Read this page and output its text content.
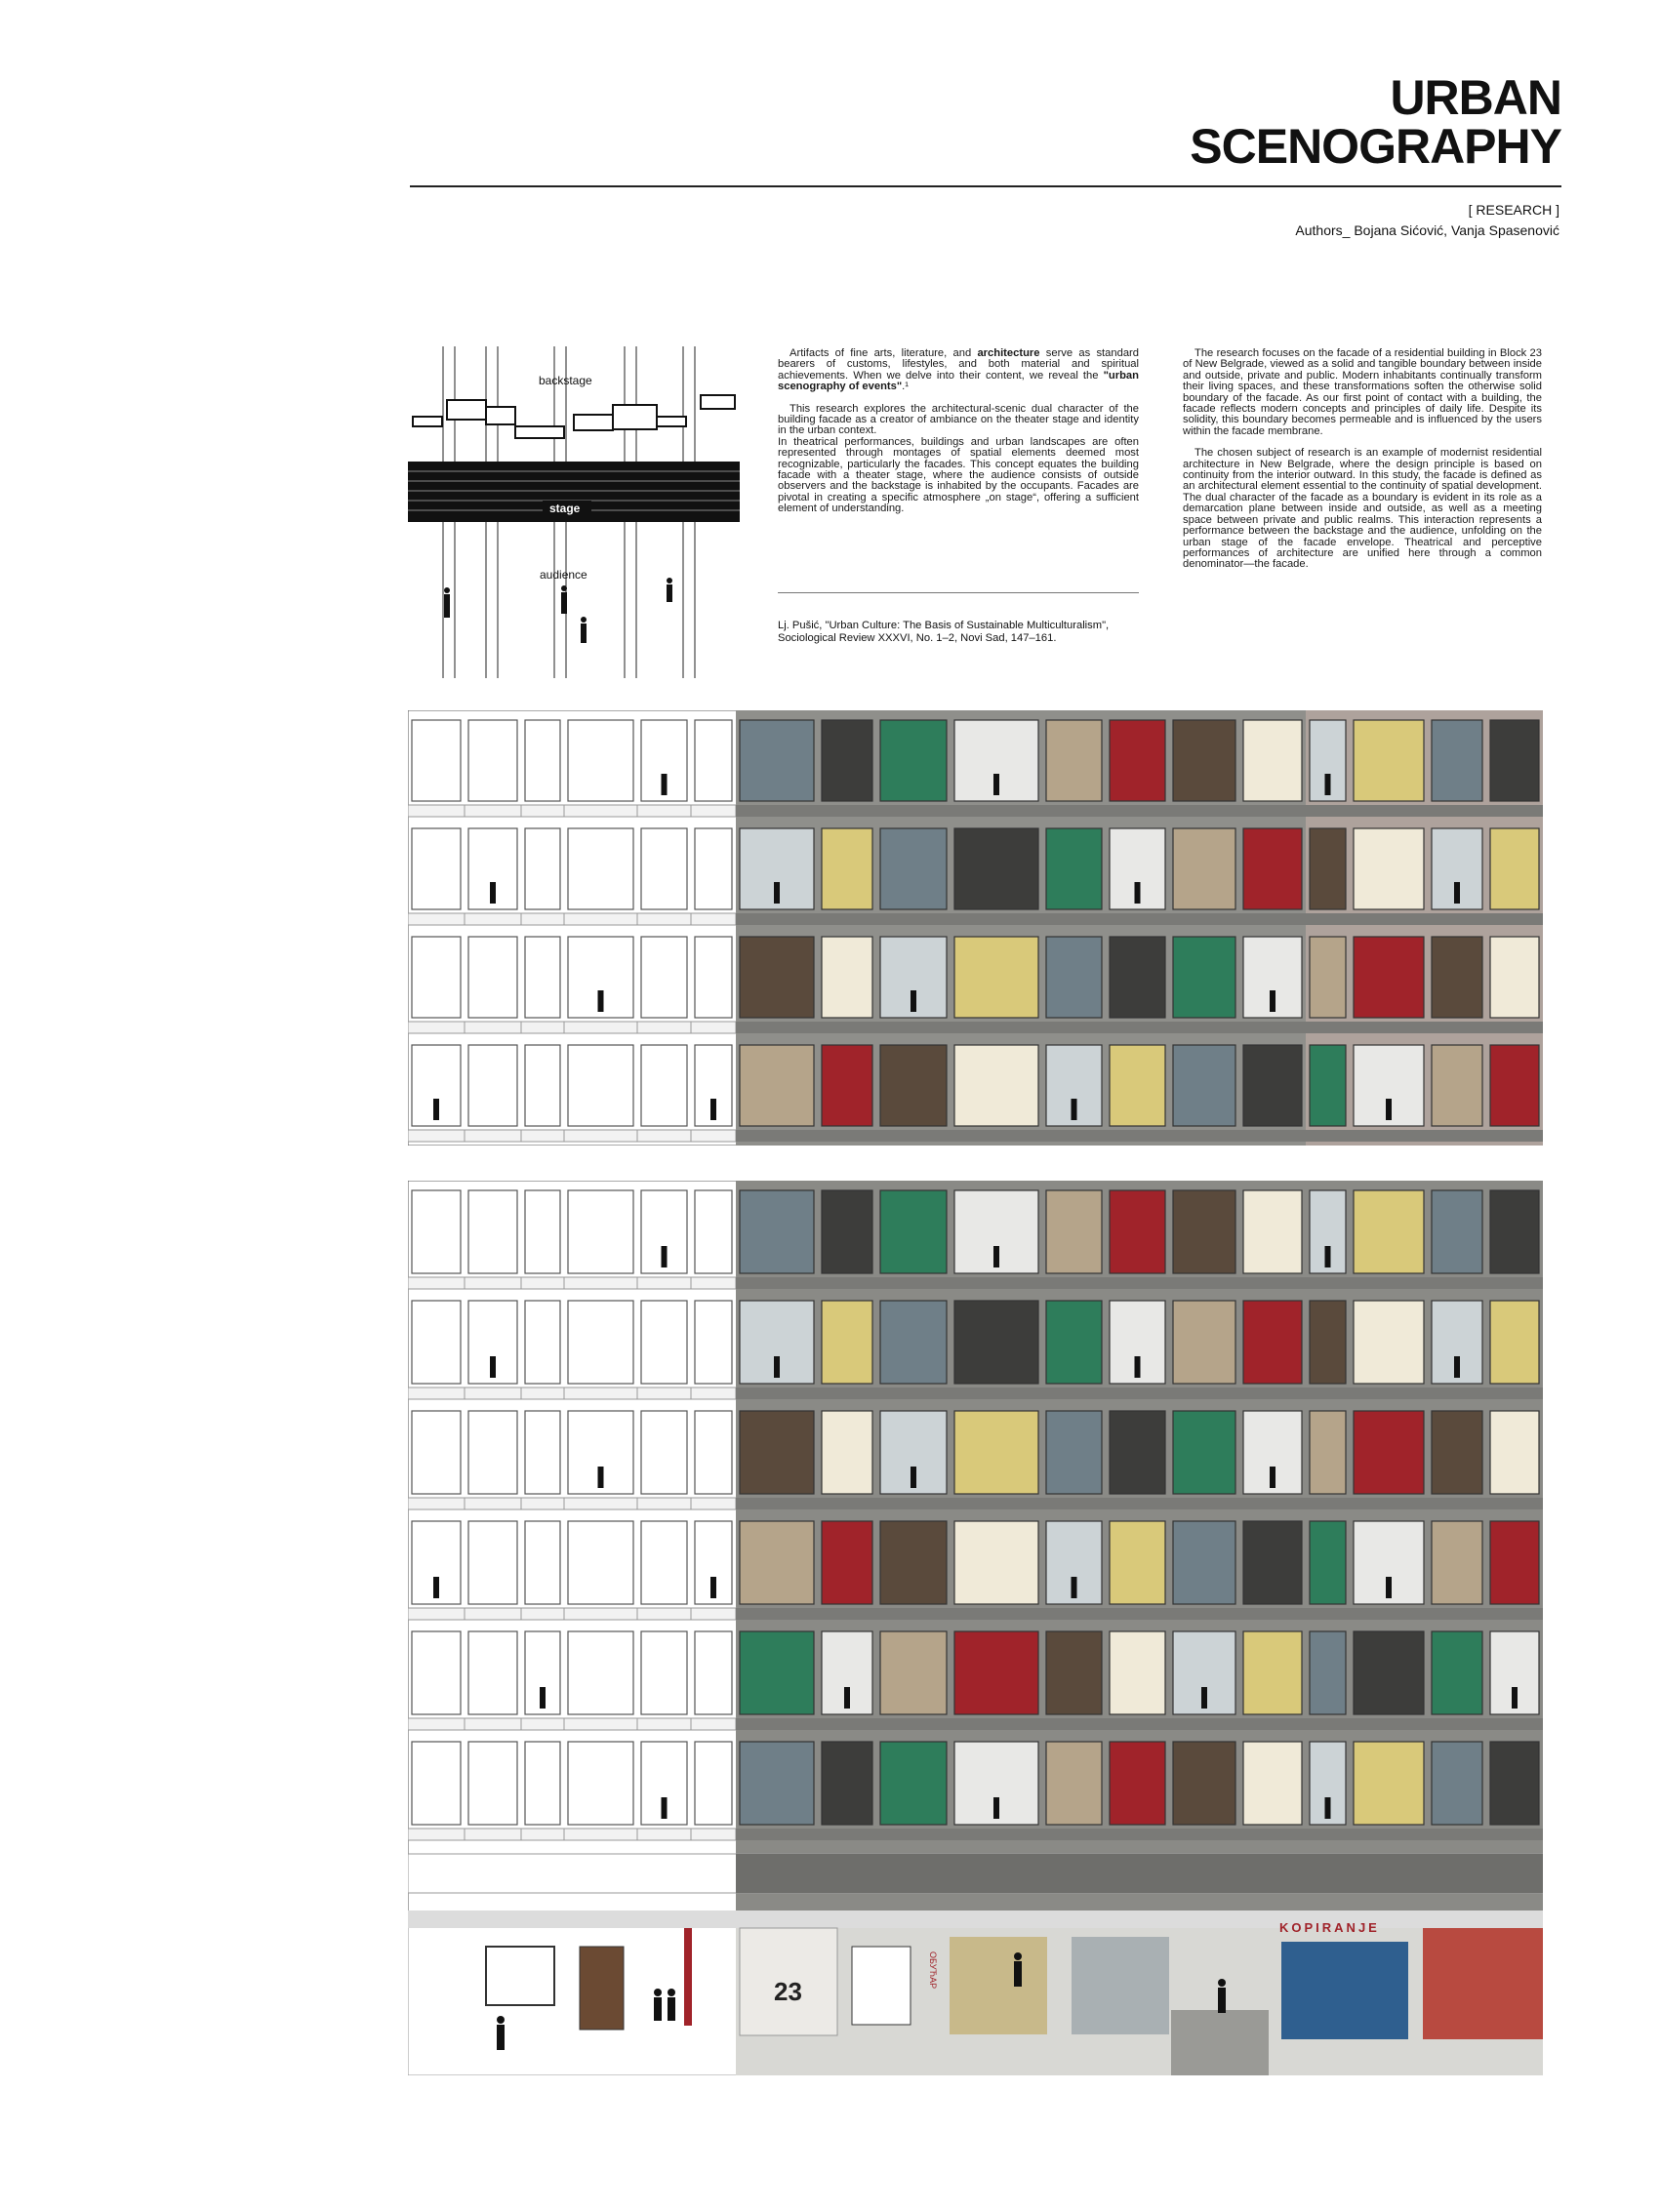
URBAN
SCENOGRAPHY
[ RESEARCH ]
Authors_ Bojana Sićović, Vanja Spasenović
backstage
stage
audience

Artifacts of fine arts, literature, and architecture serve as standard bearers of customs, lifestyles, and both material and spiritual achievements. When we delve into their content, we reveal the "urban scenography of events".¹

This research explores the architectural-scenic dual character of the building facade as a creator of ambiance on the theater stage and identity in the urban context.

In theatrical performances, buildings and urban landscapes are often represented through montages of spatial elements deemed most recognizable, particularly the facades. This concept equates the building facade with a theater stage, where the audience consists of outside observers and the backstage is inhabited by the occupants. Facades are pivotal in creating a specific atmosphere „on stage“, offering a sufficient element of understanding.

Lj. Pušić, "Urban Culture: The Basis of Sustainable Multiculturalism", Sociological Review XXXVI, No. 1–2, Novi Sad, 147–161.

The research focuses on the facade of a residential building in Block 23 of New Belgrade, viewed as a solid and tangible boundary between inside and outside, private and public. Modern inhabitants continually transform their living spaces, and these transformations soften the otherwise solid boundary of the facade. As our first point of contact with a building, the facade reflects modern concepts and principles of daily life. Despite its solidity, this boundary becomes permeable and is influenced by the users within the facade membrane.

The chosen subject of research is an example of modernist residential architecture in New Belgrade, where the design principle is based on continuity from the interior outward. In this study, the facade is defined as an architectural element essential to the continuity of spatial development. The dual character of the facade as a boundary is evident in its role as a demarcation plane between inside and outside, as well as a meeting space between private and public realms. This interaction represents a performance between the backstage and the audience, unfolding on the urban stage of the facade envelope. Theatrical and perceptive performances of architecture are unified here through a common denominator—the facade.

23
KOPIRANJE
ОБУЋАР
